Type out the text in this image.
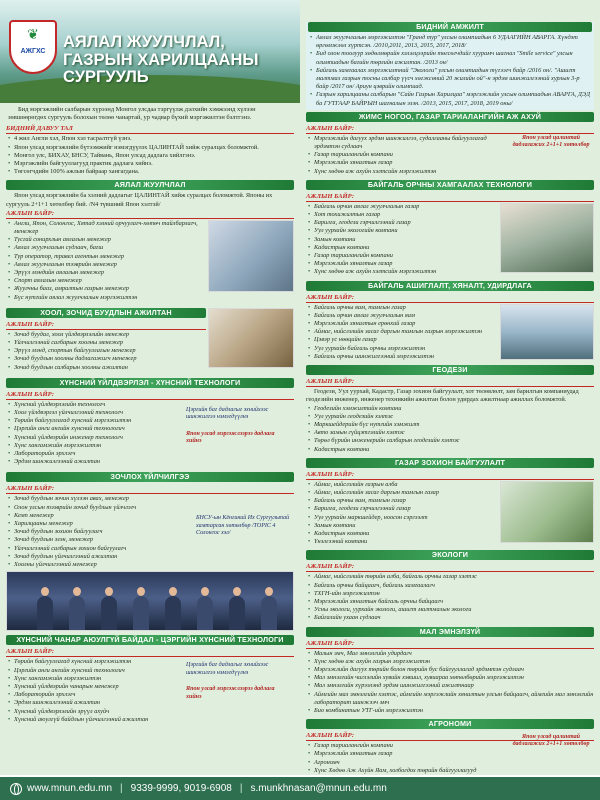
❦
АЖГХС
АЯЛАЛ ЖУУЛЧЛАЛ,
ГАЗРЫН ХАРИЛЦААНЫ
СУРГУУЛЬ

Бид мэргэжлийн салбарын хүрээнд Монгол улсдаа тэргүүлж дэлхийн хэмжээнд хүлээн зөвшөөрөгдөх сургууль болохын төлөө чанартай, ур чадвар бүхий мэргэжилтэн бэлтгэнэ.

БИДНИЙ ДАВУУ ТАЛ
• 4 жил Англи хэл, Япон хэл тасралтгүй үзнэ.
• Япон улсад мэргэжлийн бүтээмжийг нэмэгдүүлэх ЦАЛИНТАЙ хийж суралцах боломжтой.
• Монгол улс, БИХАУ, БНСУ, Тайвань, Япон улсад дадлага хийлгэнэ.
• Мэргэжлийн байгууллагууд практик дадлага хийнэ.
• Төгсөгчдийн 100% ажлын байраар хангагдана.
АЯЛАЛ ЖУУЛЧЛАЛ
Япон улсад мэргэжлийн ба хэлний дадлагыг ЦАЛИНТАЙ хийж суралцах боломжтой. Японы их сургууль 2+1+1 хөтөлбөр бий. /N4 түвшний Япон хэлтэй/
АЖЛЫН БАЙР:
• Англи, Япон, Солонгос, Хятад хэлний орчуулагч-хөтөч тайлбарлагч, менежер
• Тусгай сонирхлын аялалын менежер
• Аялал жуулчлалын судлаач, багш
• Тур оператор, травел агентын менежер
• Аялал жуулчлалын тээврийн менежер
• Эрүүл мэндийн аялалын менежер
• Спорт аялалын менежер
• Жуулчны бааз, амралтын газрын менежер
• Бүс нутгийн аялал жуулчлалын мэргэжилтэн
ХООЛ, ЗОЧИД БУУДЛЫН АЖИЛТАН
АЖЛЫН БАЙР:
• Зочид буудал, хоол үйлдвэрлэлийн менежер
• Үйлчилгээний салбарын хоолны менежер
• Эрүүл мэнд, спортын байгууллагын менежер
• Зочид буудлын хоолны дадлагажигч менежер
• Зочид буудлын салбарын хоолны ажилтан
ХҮНСНИЙ ҮЙЛДВЭРЛЭЛ - ХҮНСНИЙ ТЕХНОЛОГИ
АЖЛЫН БАЙР:
• Хүнсний үйлдвэрлэлийн технологч
• Хоол үйлдвэрлэл үйлчилгээний технологч
• Төрийн байгууллагад хүнсний мэргэжилтэн
• Цэргийн анги ангийн хүнсний технологич
• Хүнсний үйлдвэрийн инженер технологч
• Хүнс хангамжийн мэргэжилтэн
• Лабораторийн эрхлэгч
• Эрдэм шинжилгээний ажилтан
Цэргийн баг дадлагыг эхнийхээс шинжилгээ нэмэгдүүлнэ
Япон улсад мэргэжлээрээ дадлага хийнэ
ЗОЧЛОХ ҮЙЛЧИЛГЭЭ
АЖЛЫН БАЙР:
• Зочид буудлын зочин хүлээн авах, менежер
• Олон улсын тээврийн зочид буудлын үйлчлэгч
• Кемп менежер
• Харилцааны менежер
• Зочид буудлын зохион байгуулагч
• Зочид буудлын эзэн, менежер
• Үйлчилгээний салбарын зохион байгуулагч
• Зочид буудлын үйлчилгээний ажилтан
• Хоолны үйлчилгээний менежер
БНСУ-ын Кёнгиний Их Сургуультай хамтарсан хөтөлбөр /TOPIC 4 Солонгос хэл/
ХҮНСНИЙ ЧАНАР АЮУЛГҮЙ БАЙДАЛ - ЦЭРГИЙН ХҮНСНИЙ ТЕХНОЛОГИ
АЖЛЫН БАЙР:
• Төрийн байгууллагад хүнсний мэргэжилтэн
• Цэргийн анги ангийн хүнсний технологич
• Хүнс хангамжийн мэргэжилтэн
• Хүнсний үйлдвэрийн чанарын менежер
• Лабораторийн эрхлэгч
• Эрдэм шинжилгээний ажилтан
• Хүнсний үйлдвэрлэлийн эрүүл ахуйч
• Хүнсний аюулгүй байдлын үйлчилгээний ажилтан
Цэргийн баг дадлагыг эхнийхээс шинжилгээ нэмэгдүүлнэ
Япон улсад мэргэжлээрээ дадлага хийнэ
БИДНИЙ АМЖИЛТ
• Аялал жуулчлалын мэргэжилтэн "Гранд тур" улсын олимпиадын 6 УДААГИЙН АВАРГА. Хүндэт өргөмжлөл хүртсэн. /2010,2011, 2013, 2015, 2017, 2018/
• Бид олон тоолуур хөдөлмөрийн хэлэлцээрийн төгсөгчдийг хуурамч шагнал "Smile service" улсын олимпиадын багийн төрлийн ажилтан. /2013 он/
• Байгаль хамгаалах мэргэжилтний "Экологи" улсын олимпиадын түгээгч байр /2016 он/. "Ашигт малтмал газрын тосны салбар үүсч хөгжсөний 20 жилийн ой"-н эрдэм шинжилгээний хурлын 3-р байр /2017 он/ Ариун цэврийн олимпиад.
• Газрын харилцааны салбарын "Сайн Газрын Харилцаа" мэргэжлийн улсын олимпиадын АВАРГА, ДЭД ба ГУТГААР БАЙРЫН шагналын эзэн. /2013, 2015, 2017, 2018, 2019 оны/
ЖИМС НОГОО, ГАЗАР ТАРИАЛАНГИЙН АЖ АХУЙ
АЖЛЫН БАЙР:
• Мэргэжлийн дагуух эрдэм шинжилгээ, судалгааны байгууллагад эрдэмтэн судлаач
• Газар тариалангийн компани
• Мэргэжлийн хяналтын газар
• Хүнс хөдөө аж ахуйн хэлтсийн мэргэжилтэн
Япон улсад цалинтай дадлагажих 2+1+1 хөтөлбөр
БАЙГАЛЬ ОРЧНЫ ХАМГААЛАХ ТЕХНОЛОГИ
АЖЛЫН БАЙР:
• Байгаль орчин аялал жуулчлалын газар
• Хот тохижилтын газар
• Барилга, геодези гэрчилгээний газар
• Уул уурхайн экологийн компани
• Замын компани
• Кадастрын компани
• Газар тариалангийн компани
• Мэргэжлийн хяналтын газар
• Хүнс хөдөө аж ахуйн хэлтсийн мэргэжилтэн
БАЙГАЛЬ АШИГЛАЛТ, ХЯНАЛТ, УДИРДЛАГА
АЖЛЫН БАЙР:
• Байгаль орчны яам, тамгын газар
• Байгаль орчин аялал жуулчлалын яам
• Мэргэжлийн хяналтын ерөнхий газар
• Аймаг, нийслэлийн засаг даргын тамгын газрын мэргэжилтэн
• Цэвэр ус нөөцийн газар
• Уул уурхайн байгаль орчны мэргэжилтэн
• Байгаль орчны шинжилгээний мэргэжилтэн
ГЕОДЕЗИ
АЖЛЫН БАЙР:
Геодези, Уул уурхай, Кадастр, Газар зохион байгуулалт, хот төлөвлөлт, зам барилгын компаниудад геодезийн инженер, инженер техникийн ажилтан болон удирдах ажилтнаар ажиллах боломжтой.
• Геодезийн хэмжилтийн компани
• Уул уурхайн геодезийн хэлтэс
• Маркшейдерийн бүс нутгийн хэмжилт
• Авто замын гүйцэтгэлийн хэлтэс
• Төрөл бүрийн инженерийн салбарын геодезийн хэлтэс
• Кадастрын компани
ГАЗАР ЗОХИОН БАЙГУУЛАЛТ
АЖЛЫН БАЙР:
• Аймаг, нийслэлийн газрын алба
• Аймаг, нийслэлийн засаг даргын тамгын газар
• Байгаль орчны яам, тамгын газар
• Барилга, геодези гэрчилгээний газар
• Уул уурхайн маркшейдер, ноосон сэргээлт
• Замын компани
• Кадастрын компани
• Үнэлгээний компани
ЭКОЛОГИ
АЖЛЫН БАЙР:
• Аймаг, нийслэлийн төрийн алба, байгаль орчны газар хэлтэс
• Байгаль орчны байцаагч, байгаль хамгаалагч
• ТХГН-ийн мэргэжилтэн
• Мэргэжлийн хяналтын байгаль орчны байцаагч
• Усны экологи, уурхайн экологи, ашигт малтмалын экологи
• Байгалийн ухаан судлаач
МАЛ ЭМНЭЛЗҮЙ
АЖЛЫН БАЙР:
• Малын эмч, Мал эмнэлгийн удирдагч
• Хүнс хөдөө аж ахуйн газрын мэргэжилтэн
• Мэргэжлийн дагуух төрийн болон төрийн бус байгууллагад эрдэмтэн судлаач
• Мал эмнэлгийн чиглэлийн хувийн хэвшил, хувиараа хөтөлбөрийн мэргэжилтэн
• Мал эмнэлгийн хүрээлэнд эрдэм шинжилгээний ажилтнаар
• Аймгийн мал эмнэлгийн хэлтэс, аймгийн мэргэжлийн хяналтын улсын байцаагч, аймгийн мал эмнэлгийн лабораторит шинжээч эмч
• Био комбинатын УТГ-ийн мэргэжилтэн
АГРОНОМИ
АЖЛЫН БАЙР:
• Газар тариалангийн компани
• Мэргэжлийн хяналтын газар
• Агрономч
• Хүнс Хөдөө Аж Ахуйн Яам, холбогдох төрийн байгууллагууд
Япон улсад цалинтай дадлагажих 2+1+1 хөтөлбөр
www.mnun.edu.mn | 9339-9999, 9019-6908 | s.munkhnasan@mnun.edu.mn
